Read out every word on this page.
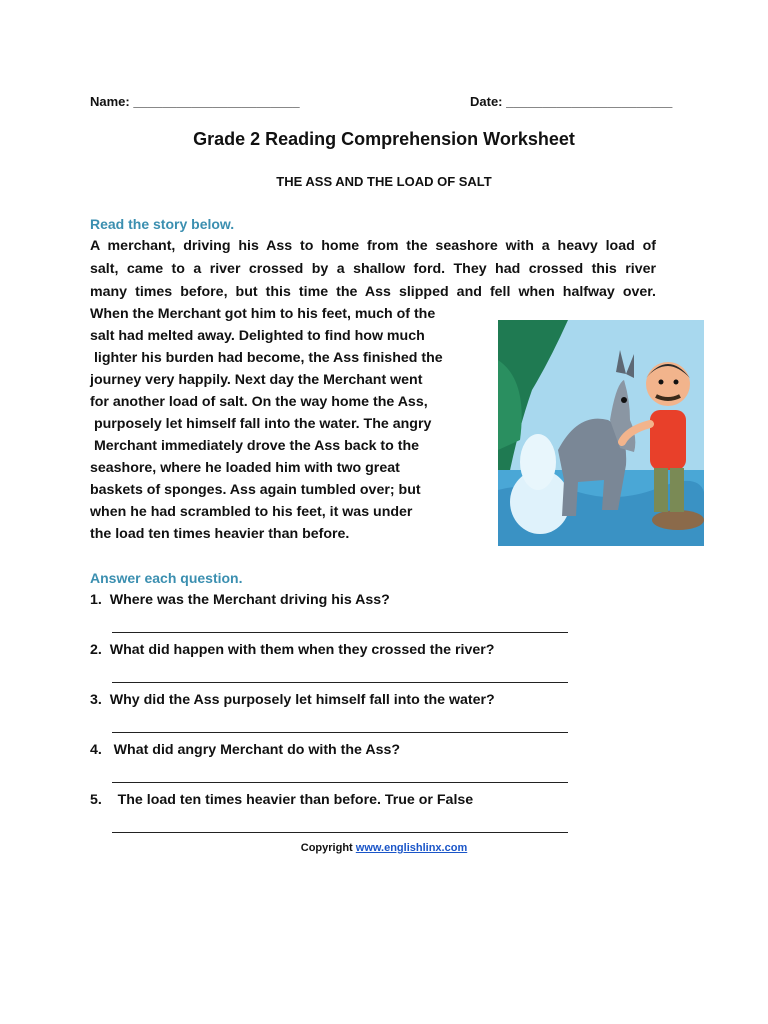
Name: _______________________	Date: _______________________
Grade 2 Reading Comprehension Worksheet
THE ASS AND THE LOAD OF SALT
Read the story below.
A merchant, driving his Ass to home from the seashore with a heavy load of
salt, came to a river crossed by a shallow ford. They had crossed this river
many times before, but this time the Ass slipped and fell when halfway over.
When the Merchant got him to his feet, much of the
salt had melted away. Delighted to find how much
lighter his burden had become, the Ass finished the
journey very happily. Next day the Merchant went
for another load of salt. On the way home the Ass,
purposely let himself fall into the water. The angry
Merchant immediately drove the Ass back to the
seashore, where he loaded him with two great
baskets of sponges. Ass again tumbled over; but
when he had scrambled to his feet, it was under
the load ten times heavier than before.
Answer each question.
1.  Where was the Merchant driving his Ass?
2.  What did happen with them when they crossed the river?
3.  Why did the Ass purposely let himself fall into the water?
4.   What did angry Merchant do with the Ass?
5.    The load ten times heavier than before. True or False
Copyright www.englishlinx.com
